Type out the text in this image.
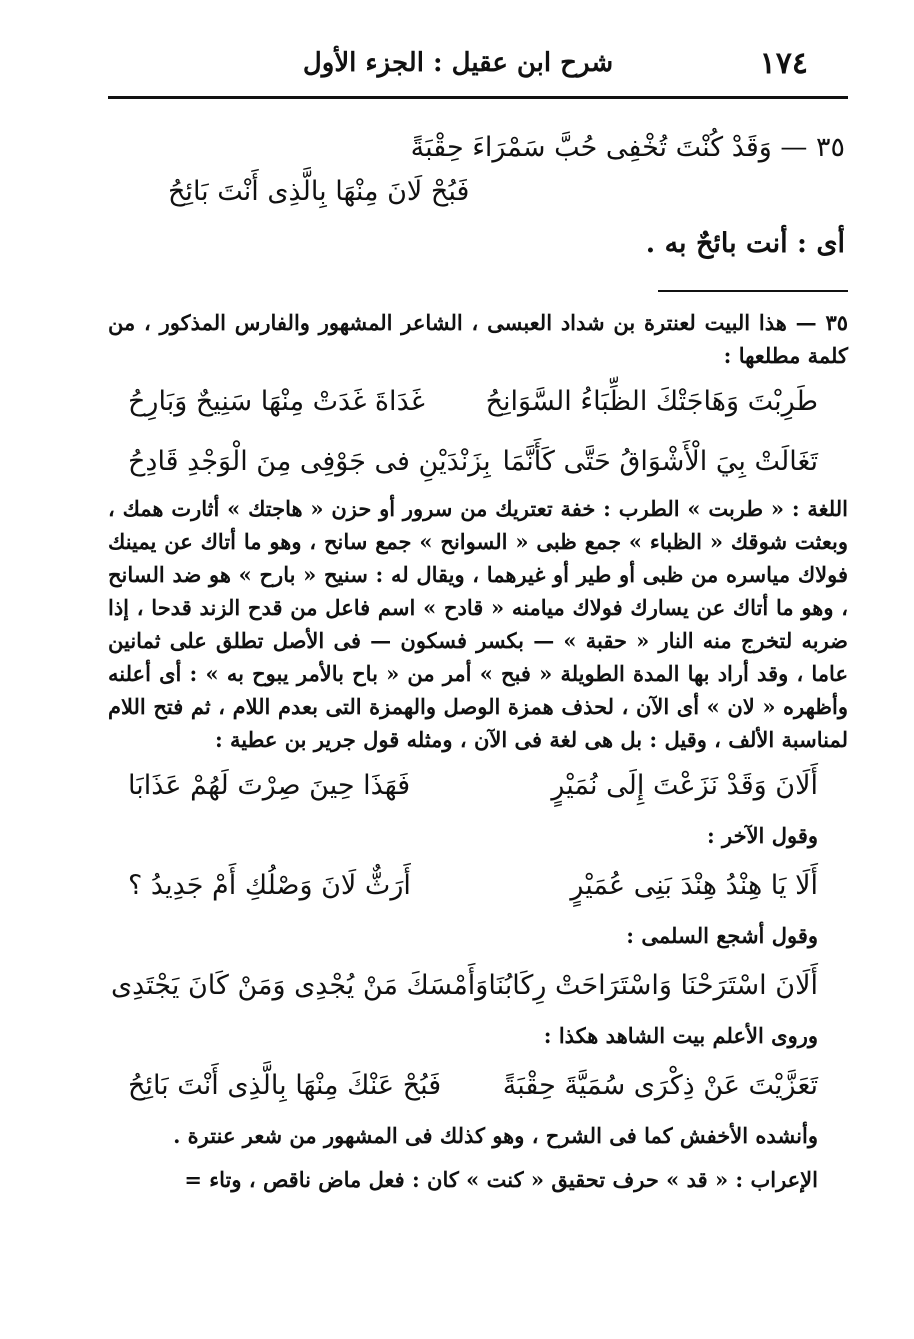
١٧٤
شرح ابن عقيل : الجزء الأول
٣٥ — وَقَدْ كُنْتَ تُخْفِى حُبَّ سَمْرَاءَ حِقْبَةً
فَبُحْ لَانَ مِنْهَا بِالَّذِى أَنْتَ بَائِحُ
أى : أنت بائحٌ به .

٣٥ — هذا البيت لعنترة بن شداد العبسى ، الشاعر المشهور والفارس المذكور ، من كلمة مطلعها :

طَرِبْتَ وَهَاجَتْكَ الظِّبَاءُ السَّوَانِحُ
غَدَاةَ غَدَتْ مِنْهَا سَنِيحٌ وَبَارِحُ
تَغَالَتْ بِيَ الْأَشْوَاقُ حَتَّى كَأَنَّمَا
بِزَنْدَيْنِ فى جَوْفِى مِنَ الْوَجْدِ قَادِحُ

اللغة : « طربت » الطرب : خفة تعتريك من سرور أو حزن « هاجتك » أثارت همك ، وبعثت شوقك « الظباء » جمع ظبى « السوانح » جمع سانح ، وهو ما أتاك عن يمينك فولاك مياسره من ظبى أو طير أو غيرهما ، ويقال له : سنيح « بارح » هو ضد السانح ، وهو ما أتاك عن يسارك فولاك ميامنه « قادح » اسم فاعل من قدح الزند قدحا ، إذا ضربه لتخرج منه النار « حقبة » — بكسر فسكون — فى الأصل تطلق على ثمانين عاما ، وقد أراد بها المدة الطويلة « فبح » أمر من « باح بالأمر يبوح به » : أى أعلنه وأظهره « لان » أى الآن ، لحذف همزة الوصل والهمزة التى بعدم اللام ، ثم فتح اللام لمناسبة الألف ، وقيل : بل هى لغة فى الآن ، ومثله قول جرير بن عطية :

أَلَانَ وَقَدْ نَزَعْتَ إِلَى نُمَيْرٍ
فَهَذَا حِينَ صِرْتَ لَهُمْ عَذَابَا

وقول الآخر :

أَلَا يَا هِنْدُ هِنْدَ بَنِى عُمَيْرٍ
أَرَثٌّ لَانَ وَصْلُكِ أَمْ جَدِيدُ ؟

وقول أشجع السلمى :

أَلَانَ اسْتَرَحْنَا وَاسْتَرَاحَتْ رِكَابُنَا
وَأَمْسَكَ مَنْ يُجْدِى وَمَنْ كَانَ يَجْتَدِى

وروى الأعلم بيت الشاهد هكذا :

تَعَزَّيْتَ عَنْ ذِكْرَى سُمَيَّةَ حِقْبَةً
فَبُحْ عَنْكَ مِنْهَا بِالَّذِى أَنْتَ بَائِحُ

وأنشده الأخفش كما فى الشرح ، وهو كذلك فى المشهور من شعر عنترة .

الإعراب : « قد » حرف تحقيق « كنت » كان : فعل ماض ناقص ، وتاء =
